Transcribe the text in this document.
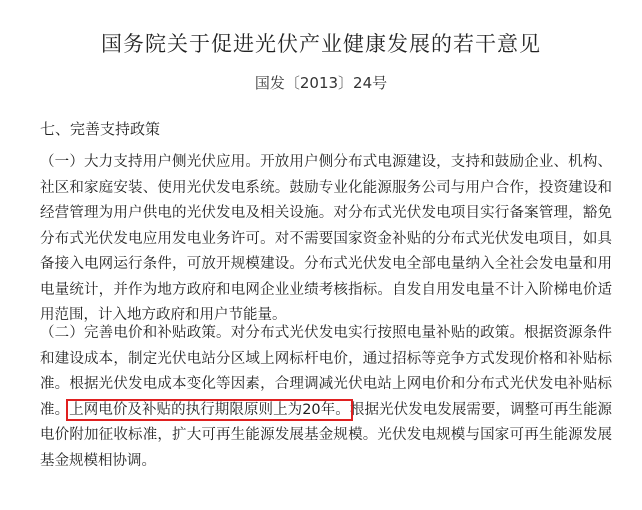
国务院关于促进光伏产业健康发展的若干意见
国发〔2013〕24号
七、完善支持政策
（一）大力支持用户侧光伏应用。开放用户侧分布式电源建设，支持和鼓励企业、机构、社区和家庭安装、使用光伏发电系统。鼓励专业化能源服务公司与用户合作，投资建设和经营管理为用户供电的光伏发电及相关设施。对分布式光伏发电项目实行备案管理，豁免分布式光伏发电应用发电业务许可。对不需要国家资金补贴的分布式光伏发电项目，如具备接入电网运行条件，可放开规模建设。分布式光伏发电全部电量纳入全社会发电量和用电量统计，并作为地方政府和电网企业业绩考核指标。自发自用发电量不计入阶梯电价适用范围，计入地方政府和用户节能量。
（二）完善电价和补贴政策。对分布式光伏发电实行按照电量补贴的政策。根据资源条件和建设成本，制定光伏电站分区域上网标杆电价，通过招标等竞争方式发现价格和补贴标准。根据光伏发电成本变化等因素，合理调减光伏电站上网电价和分布式光伏发电补贴标准。上网电价及补贴的执行期限原则上为20年。根据光伏发电发展需要，调整可再生能源电价附加征收标准，扩大可再生能源发展基金规模。光伏发电规模与国家可再生能源发展基金规模相协调。
